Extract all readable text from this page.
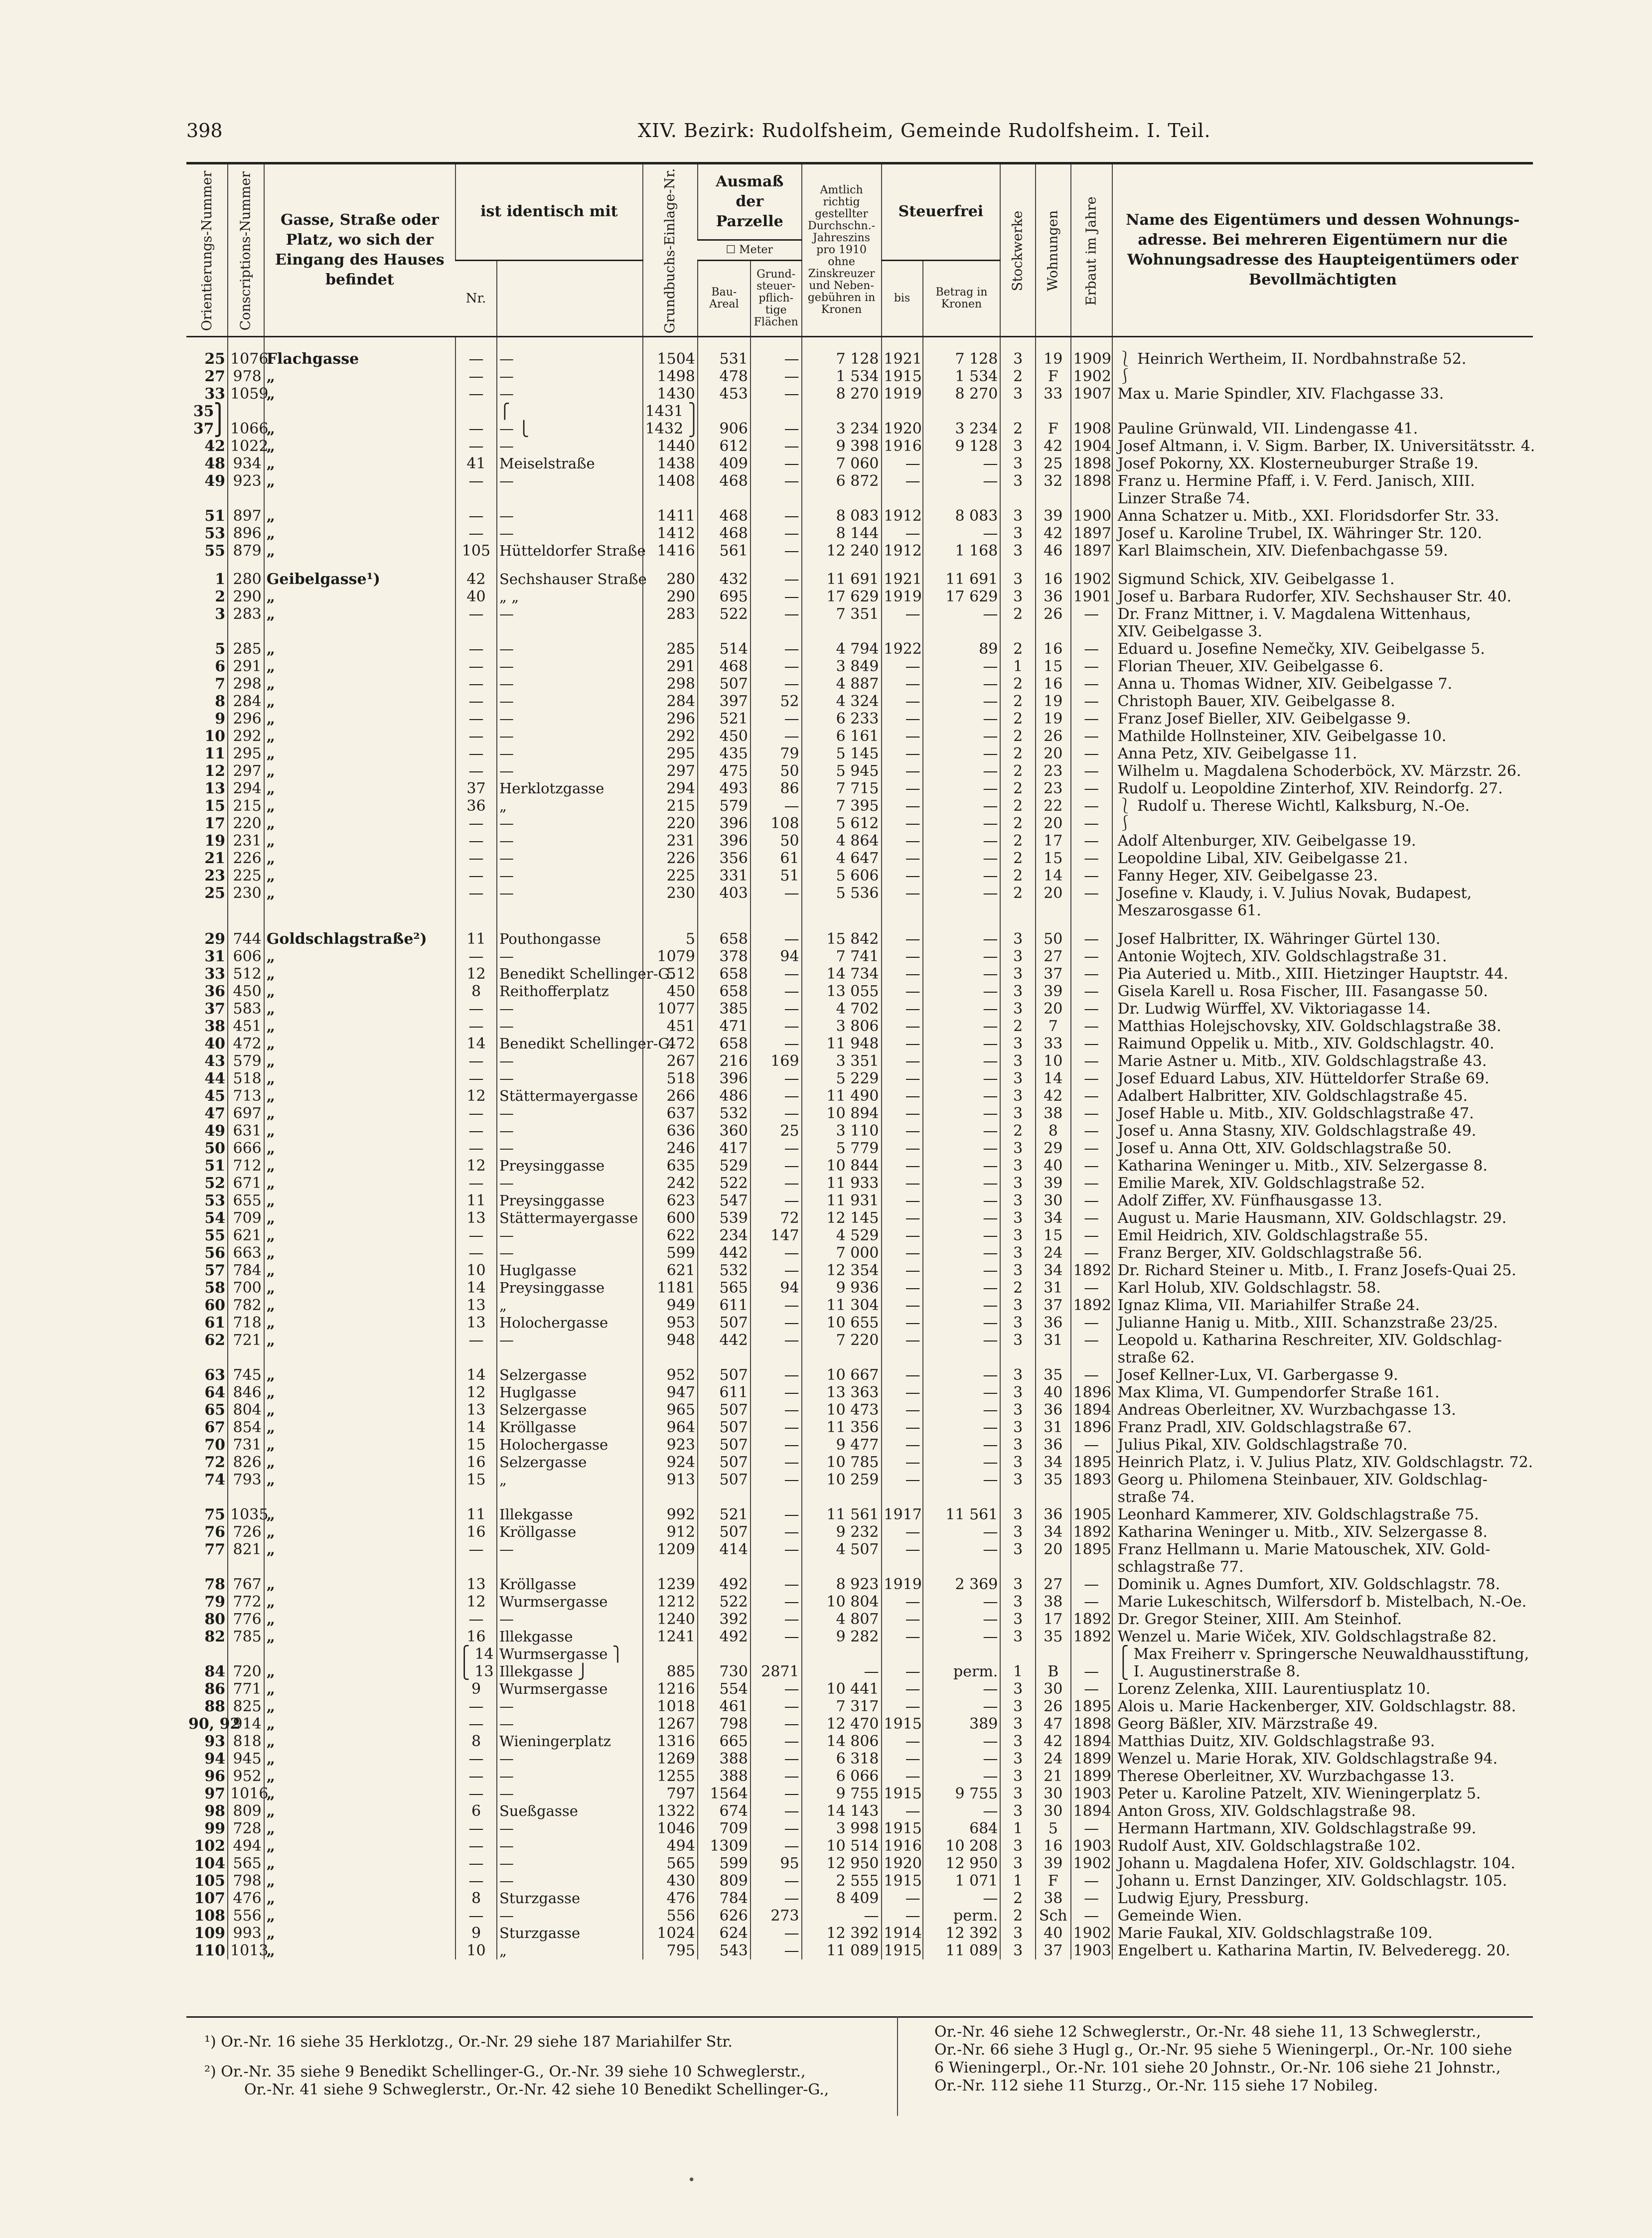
398	XIV. Bezirk: Rudolfsheim, Gemeinde Rudolfsheim. I. Teil.
Orientierungs-Nummer	Conscriptions-Nummer	Gasse, Straße oder Platz, wo sich der Eingang des Hauses befindet	ist identisch mit		Grundbuchs-Einlage-Nr.	Ausmaß der Parzelle		Amtlich richtig gestellter Durchschn.-Jahreszins pro 1910 ohne Zinskreuzer und Neben-gebühren in Kronen	Steuerfrei		Stockwerke	Wohnungen	Erbaut im Jahre	Name des Eigentümers und dessen Wohnungs-adresse. Bei mehreren Eigentümern nur die Wohnungsadresse des Haupteigentümers oder Bevollmächtigten
						☐ Meter								
			Nr.			Bau-Areal	Grund-steuer-pflich-tige Flächen		bis	Betrag in Kronen				
25	1076	Flachgasse	—	—	1504	531	—	7 128	1921	7 128	3	19	1909	⎱ Heinrich Wertheim, II. Nordbahnstraße 52.
27	978	„	—	—	1498	478	—	1 534	1915	1 534	2	F	1902	⎰
33	1059	„	—	—	1430	453	—	8 270	1919	8 270	3	33	1907	Max u. Marie Spindler, XIV. Flachgasse 33.
35⎫				⎧	1431 ⎫									
37⎭	1066	„	—	— ⎩	1432 ⎭	906	—	3 234	1920	3 234	2	F	1908	Pauline Grünwald, VII. Lindengasse 41.
42	1022	„	—	—	1440	612	—	9 398	1916	9 128	3	42	1904	Josef Altmann, i. V. Sigm. Barber, IX. Universitätsstr. 4.
48	934	„	41	Meiselstraße	1438	409	—	7 060	—	—	3	25	1898	Josef Pokorny, XX. Klosterneuburger Straße 19.
49	923	„	—	—	1408	468	—	6 872	—	—	3	32	1898	Franz u. Hermine Pfaff, i. V. Ferd. Janisch, XIII.
														Linzer Straße 74.
51	897	„	—	—	1411	468	—	8 083	1912	8 083	3	39	1900	Anna Schatzer u. Mitb., XXI. Floridsdorfer Str. 33.
53	896	„	—	—	1412	468	—	8 144	—	—	3	42	1897	Josef u. Karoline Trubel, IX. Währinger Str. 120.
55	879	„	105	Hütteldorfer Straße	1416	561	—	12 240	1912	1 168	3	46	1897	Karl Blaimschein, XIV. Diefenbachgasse 59.

1	280	Geibelgasse¹)	42	Sechshauser Straße	280	432	—	11 691	1921	11 691	3	16	1902	Sigmund Schick, XIV. Geibelgasse 1.
2	290	„	40	„ „	290	695	—	17 629	1919	17 629	3	36	1901	Josef u. Barbara Rudorfer, XIV. Sechshauser Str. 40.
3	283	„	—	—	283	522	—	7 351	—	—	2	26	—	Dr. Franz Mittner, i. V. Magdalena Wittenhaus,
														XIV. Geibelgasse 3.
5	285	„	—	—	285	514	—	4 794	1922	89	2	16	—	Eduard u. Josefine Nemečky, XIV. Geibelgasse 5.
6	291	„	—	—	291	468	—	3 849	—	—	1	15	—	Florian Theuer, XIV. Geibelgasse 6.
7	298	„	—	—	298	507	—	4 887	—	—	2	16	—	Anna u. Thomas Widner, XIV. Geibelgasse 7.
8	284	„	—	—	284	397	52	4 324	—	—	2	19	—	Christoph Bauer, XIV. Geibelgasse 8.
9	296	„	—	—	296	521	—	6 233	—	—	2	19	—	Franz Josef Bieller, XIV. Geibelgasse 9.
10	292	„	—	—	292	450	—	6 161	—	—	2	26	—	Mathilde Hollnsteiner, XIV. Geibelgasse 10.
11	295	„	—	—	295	435	79	5 145	—	—	2	20	—	Anna Petz, XIV. Geibelgasse 11.
12	297	„	—	—	297	475	50	5 945	—	—	2	23	—	Wilhelm u. Magdalena Schoderböck, XV. Märzstr. 26.
13	294	„	37	Herklotzgasse	294	493	86	7 715	—	—	2	23	—	Rudolf u. Leopoldine Zinterhof, XIV. Reindorfg. 27.
15	215	„	36	„	215	579	—	7 395	—	—	2	22	—	⎱ Rudolf u. Therese Wichtl, Kalksburg, N.-Oe.
17	220	„	—	—	220	396	108	5 612	—	—	2	20	—	⎰
19	231	„	—	—	231	396	50	4 864	—	—	2	17	—	Adolf Altenburger, XIV. Geibelgasse 19.
21	226	„	—	—	226	356	61	4 647	—	—	2	15	—	Leopoldine Libal, XIV. Geibelgasse 21.
23	225	„	—	—	225	331	51	5 606	—	—	2	14	—	Fanny Heger, XIV. Geibelgasse 23.
25	230	„	—	—	230	403	—	5 536	—	—	2	20	—	Josefine v. Klaudy, i. V. Julius Novak, Budapest,
														Meszarosgasse 61.

29	744	Goldschlagstraße²)	11	Pouthongasse	5	658	—	15 842	—	—	3	50	—	Josef Halbritter, IX. Währinger Gürtel 130.
31	606	„	—	—	1079	378	94	7 741	—	—	3	27	—	Antonie Wojtech, XIV. Goldschlagstraße 31.
33	512	„	12	Benedikt Schellinger-G.	512	658	—	14 734	—	—	3	37	—	Pia Auteried u. Mitb., XIII. Hietzinger Hauptstr. 44.
36	450	„	8	Reithofferplatz	450	658	—	13 055	—	—	3	39	—	Gisela Karell u. Rosa Fischer, III. Fasangasse 50.
37	583	„	—	—	1077	385	—	4 702	—	—	3	20	—	Dr. Ludwig Würffel, XV. Viktoriagasse 14.
38	451	„	—	—	451	471	—	3 806	—	—	2	7	—	Matthias Holejschovsky, XIV. Goldschlagstraße 38.
40	472	„	14	Benedikt Schellinger-G.	472	658	—	11 948	—	—	3	33	—	Raimund Oppelik u. Mitb., XIV. Goldschlagstr. 40.
43	579	„	—	—	267	216	169	3 351	—	—	3	10	—	Marie Astner u. Mitb., XIV. Goldschlagstraße 43.
44	518	„	—	—	518	396	—	5 229	—	—	3	14	—	Josef Eduard Labus, XIV. Hütteldorfer Straße 69.
45	713	„	12	Stättermayergasse	266	486	—	11 490	—	—	3	42	—	Adalbert Halbritter, XIV. Goldschlagstraße 45.
47	697	„	—	—	637	532	—	10 894	—	—	3	38	—	Josef Hable u. Mitb., XIV. Goldschlagstraße 47.
49	631	„	—	—	636	360	25	3 110	—	—	2	8	—	Josef u. Anna Stasny, XIV. Goldschlagstraße 49.
50	666	„	—	—	246	417	—	5 779	—	—	3	29	—	Josef u. Anna Ott, XIV. Goldschlagstraße 50.
51	712	„	12	Preysinggasse	635	529	—	10 844	—	—	3	40	—	Katharina Weninger u. Mitb., XIV. Selzergasse 8.
52	671	„	—	—	242	522	—	11 933	—	—	3	39	—	Emilie Marek, XIV. Goldschlagstraße 52.
53	655	„	11	Preysinggasse	623	547	—	11 931	—	—	3	30	—	Adolf Ziffer, XV. Fünfhausgasse 13.
54	709	„	13	Stättermayergasse	600	539	72	12 145	—	—	3	34	—	August u. Marie Hausmann, XIV. Goldschlagstr. 29.
55	621	„	—	—	622	234	147	4 529	—	—	3	15	—	Emil Heidrich, XIV. Goldschlagstraße 55.
56	663	„	—	—	599	442	—	7 000	—	—	3	24	—	Franz Berger, XIV. Goldschlagstraße 56.
57	784	„	10	Huglgasse	621	532	—	12 354	—	—	3	34	1892	Dr. Richard Steiner u. Mitb., I. Franz Josefs-Quai 25.
58	700	„	14	Preysinggasse	1181	565	94	9 936	—	—	2	31	—	Karl Holub, XIV. Goldschlagstr. 58.
60	782	„	13	„	949	611	—	11 304	—	—	3	37	1892	Ignaz Klima, VII. Mariahilfer Straße 24.
61	718	„	13	Holochergasse	953	507	—	10 655	—	—	3	36	—	Julianne Hanig u. Mitb., XIII. Schanzstraße 23/25.
62	721	„	—	—	948	442	—	7 220	—	—	3	31	—	Leopold u. Katharina Reschreiter, XIV. Goldschlag-
														straße 62.
63	745	„	14	Selzergasse	952	507	—	10 667	—	—	3	35	—	Josef Kellner-Lux, VI. Garbergasse 9.
64	846	„	12	Huglgasse	947	611	—	13 363	—	—	3	40	1896	Max Klima, VI. Gumpendorfer Straße 161.
65	804	„	13	Selzergasse	965	507	—	10 473	—	—	3	36	1894	Andreas Oberleitner, XV. Wurzbachgasse 13.
67	854	„	14	Kröllgasse	964	507	—	11 356	—	—	3	31	1896	Franz Pradl, XIV. Goldschlagstraße 67.
70	731	„	15	Holochergasse	923	507	—	9 477	—	—	3	36	—	Julius Pikal, XIV. Goldschlagstraße 70.
72	826	„	16	Selzergasse	924	507	—	10 785	—	—	3	34	1895	Heinrich Platz, i. V. Julius Platz, XIV. Goldschlagstr. 72.
74	793	„	15	„	913	507	—	10 259	—	—	3	35	1893	Georg u. Philomena Steinbauer, XIV. Goldschlag-
														straße 74.
75	1035	„	11	Illekgasse	992	521	—	11 561	1917	11 561	3	36	1905	Leonhard Kammerer, XIV. Goldschlagstraße 75.
76	726	„	16	Kröllgasse	912	507	—	9 232	—	—	3	34	1892	Katharina Weninger u. Mitb., XIV. Selzergasse 8.
77	821	„	—	—	1209	414	—	4 507	—	—	3	20	1895	Franz Hellmann u. Marie Matouschek, XIV. Gold-
														schlagstraße 77.
78	767	„	13	Kröllgasse	1239	492	—	8 923	1919	2 369	3	27	—	Dominik u. Agnes Dumfort, XIV. Goldschlagstr. 78.
79	772	„	12	Wurmsergasse	1212	522	—	10 804	—	—	3	38	—	Marie Lukeschitsch, Wilfersdorf b. Mistelbach, N.-Oe.
80	776	„	—	—	1240	392	—	4 807	—	—	3	17	1892	Dr. Gregor Steiner, XIII. Am Steinhof.
82	785	„	16	Illekgasse	1241	492	—	9 282	—	—	3	35	1892	Wenzel u. Marie Wiček, XIV. Goldschlagstraße 82.
			⎧ 14	Wurmsergasse ⎫										⎧ Max Freiherr v. Springersche Neuwaldhausstiftung,
84	720	„	⎩ 13	Illekgasse ⎭	885	730	2871	—	—	perm.	1	B	—	⎩ I. Augustinerstraße 8.
86	771	„	9	Wurmsergasse	1216	554	—	10 441	—	—	3	30	—	Lorenz Zelenka, XIII. Laurentiusplatz 10.
88	825	„	—	—	1018	461	—	7 317	—	—	3	26	1895	Alois u. Marie Hackenberger, XIV. Goldschlagstr. 88.
90, 92	914	„	—	—	1267	798	—	12 470	1915	389	3	47	1898	Georg Bäßler, XIV. Märzstraße 49.
93	818	„	8	Wieningerplatz	1316	665	—	14 806	—	—	3	42	1894	Matthias Duitz, XIV. Goldschlagstraße 93.
94	945	„	—	—	1269	388	—	6 318	—	—	3	24	1899	Wenzel u. Marie Horak, XIV. Goldschlagstraße 94.
96	952	„	—	—	1255	388	—	6 066	—	—	3	21	1899	Therese Oberleitner, XV. Wurzbachgasse 13.
97	1016	„	—	—	797	1564	—	9 755	1915	9 755	3	30	1903	Peter u. Karoline Patzelt, XIV. Wieningerplatz 5.
98	809	„	6	Sueßgasse	1322	674	—	14 143	—	—	3	30	1894	Anton Gross, XIV. Goldschlagstraße 98.
99	728	„	—	—	1046	709	—	3 998	1915	684	1	5	—	Hermann Hartmann, XIV. Goldschlagstraße 99.
102	494	„	—	—	494	1309	—	10 514	1916	10 208	3	16	1903	Rudolf Aust, XIV. Goldschlagstraße 102.
104	565	„	—	—	565	599	95	12 950	1920	12 950	3	39	1902	Johann u. Magdalena Hofer, XIV. Goldschlagstr. 104.
105	798	„	—	—	430	809	—	2 555	1915	1 071	1	F	—	Johann u. Ernst Danzinger, XIV. Goldschlagstr. 105.
107	476	„	8	Sturzgasse	476	784	—	8 409	—	—	2	38	—	Ludwig Ejury, Pressburg.
108	556	„	—	—	556	626	273	—	—	perm.	2	Sch	—	Gemeinde Wien.
109	993	„	9	Sturzgasse	1024	624	—	12 392	1914	12 392	3	40	1902	Marie Faukal, XIV. Goldschlagstraße 109.
110	1013	„	10	„	795	543	—	11 089	1915	11 089	3	37	1903	Engelbert u. Katharina Martin, IV. Belvederegg. 20.
¹) Or.-Nr. 16 siehe 35 Herklotzg., Or.-Nr. 29 siehe 187 Mariahilfer Str.
²) Or.-Nr. 35 siehe 9 Benedikt Schellinger-G., Or.-Nr. 39 siehe 10 Schweglerstr.,
Or.-Nr. 41 siehe 9 Schweglerstr., Or.-Nr. 42 siehe 10 Benedikt Schellinger-G.,
Or.-Nr. 46 siehe 12 Schweglerstr., Or.-Nr. 48 siehe 11, 13 Schweglerstr.,
Or.-Nr. 66 siehe 3 Hugl g., Or.-Nr. 95 siehe 5 Wieningerpl., Or.-Nr. 100 siehe
6 Wieningerpl., Or.-Nr. 101 siehe 20 Johnstr., Or.-Nr. 106 siehe 21 Johnstr.,
Or.-Nr. 112 siehe 11 Sturzg., Or.-Nr. 115 siehe 17 Nobileg.
•
